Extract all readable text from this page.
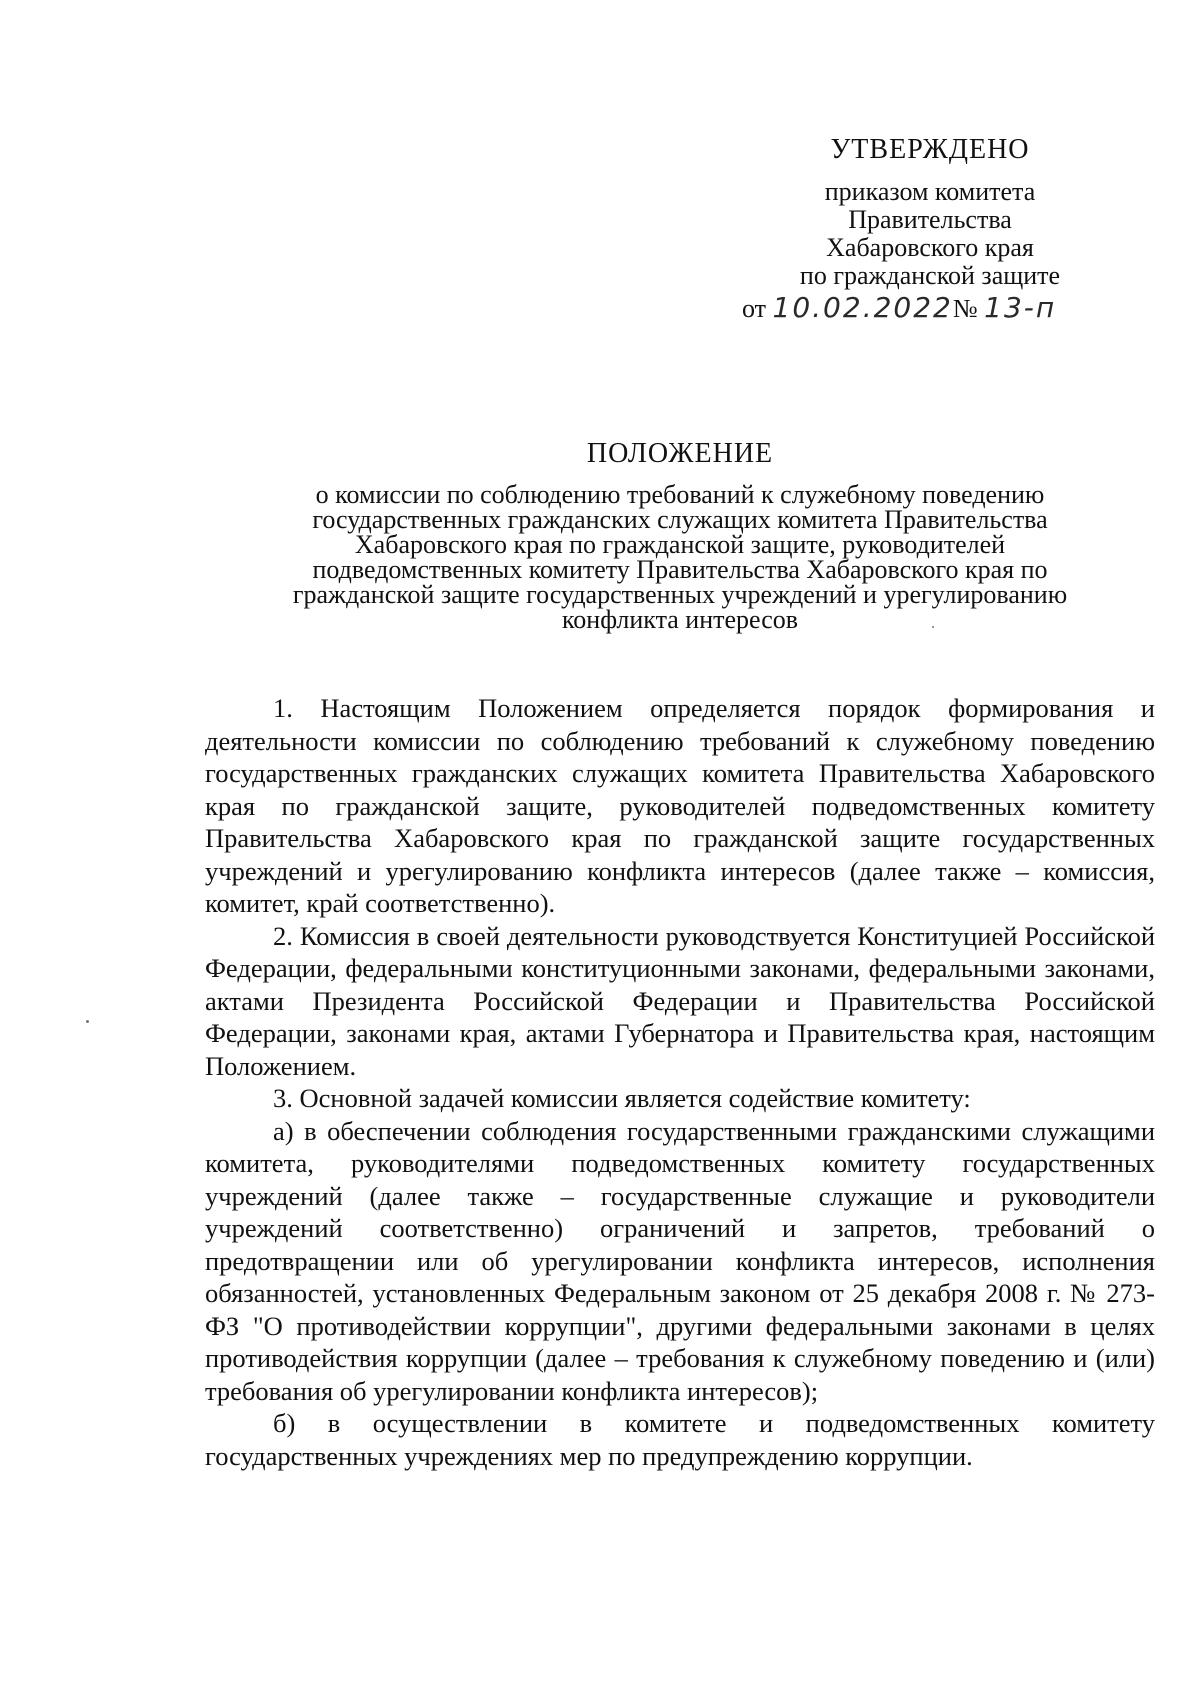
УТВЕРЖДЕНО
приказом комитета
Правительства
Хабаровского края
по гражданской защите
от 10.02.2022№ 13-п
ПОЛОЖЕНИЕ
о комиссии по соблюдению требований к служебному поведению
государственных гражданских служащих комитета Правительства
Хабаровского края по гражданской защите, руководителей
подведомственных комитету Правительства Хабаровского края по
гражданской защите государственных учреждений и урегулированию
конфликта интересов

1. Настоящим Положением определяется порядок формирования и деятельности комиссии по соблюдению требований к служебному поведению государственных гражданских служащих комитета Правительства Хабаровского края по гражданской защите, руководителей подведомственных комитету Правительства Хабаровского края по гражданской защите государственных учреждений и урегулированию конфликта интересов (далее также – комиссия, комитет, край соответственно).

2. Комиссия в своей деятельности руководствуется Конституцией Российской Федерации, федеральными конституционными законами, федеральными законами, актами Президента Российской Федерации и Правительства Российской Федерации, законами края, актами Губернатора и Правительства края, настоящим Положением.

3. Основной задачей комиссии является содействие комитету:

а) в обеспечении соблюдения государственными гражданскими служащими комитета, руководителями подведомственных комитету государственных учреждений (далее также – государственные служащие и руководители учреждений соответственно) ограничений и запретов, требований о предотвращении или об урегулировании конфликта интересов, исполнения обязанностей, установленных Федеральным законом от 25 декабря 2008 г. № 273-ФЗ "О противодействии коррупции", другими федеральными законами в целях противодействия коррупции (далее – требования к служебному поведению и (или) требования об урегулировании конфликта интересов);

б) в осуществлении в комитете и подведомственных комитету государственных учреждениях мер по предупреждению коррупции.
